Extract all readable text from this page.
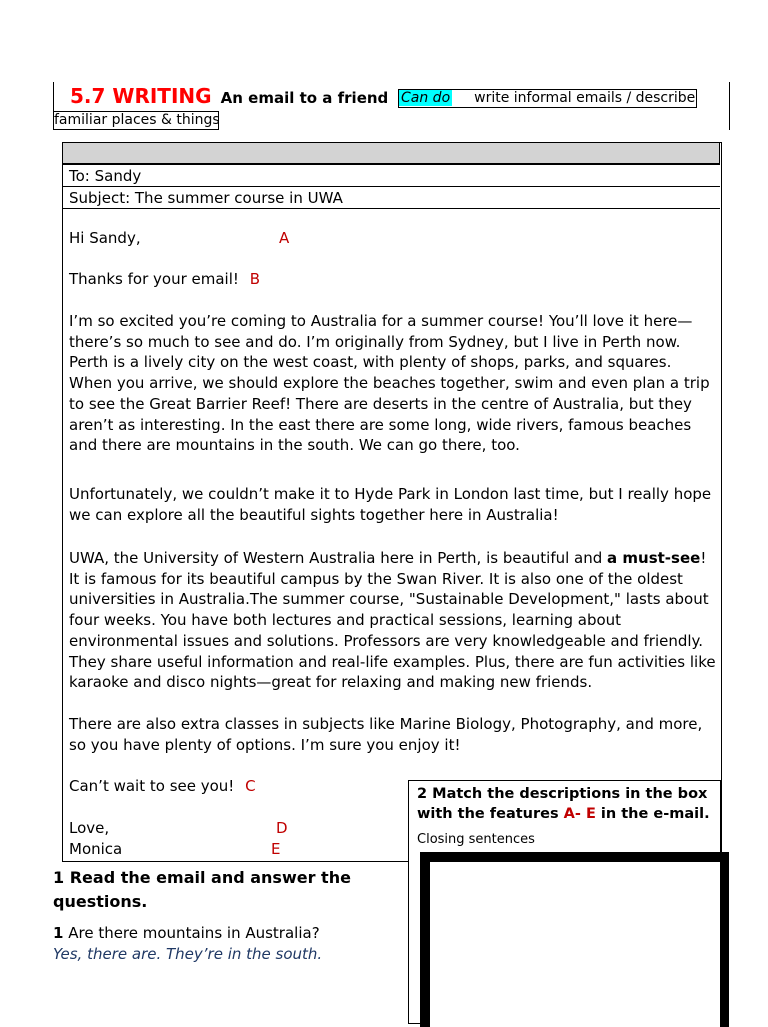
5.7 WRITING An email to a friend Can do write informal emails / describe
familiar places & things
To: Sandy
Subject: The summer course in UWA
Hi Sandy,	A
Thanks for your email! B
I’m so excited you’re coming to Australia for a summer course! You’ll love it here—there’s so much to see and do. I’m originally from Sydney, but I live in Perth now. Perth is a lively city on the west coast, with plenty of shops, parks, and squares. When you arrive, we should explore the beaches together, swim and even plan a trip to see the Great Barrier Reef! There are deserts in the centre of Australia, but they aren’t as interesting. In the east there are some long, wide rivers, famous beaches and there are mountains in the south. We can go there, too.
Unfortunately, we couldn’t make it to Hyde Park in London last time, but I really hope we can explore all the beautiful sights together here in Australia!
UWA, the University of Western Australia here in Perth, is beautiful and a must-see! It is famous for its beautiful campus by the Swan River. It is also one of the oldest universities in Australia.The summer course, "Sustainable Development," lasts about four weeks. You have both lectures and practical sessions, learning about environmental issues and solutions. Professors are very knowledgeable and friendly. They share useful information and real-life examples. Plus, there are fun activities like karaoke and disco nights—great for relaxing and making new friends.
There are also extra classes in subjects like Marine Biology, Photography, and more, so you have plenty of options. I’m sure you enjoy it!
Can’t wait to see you! C
Love,	D
Monica	E
2 Match the descriptions in the box with the features A- E in the e-mail.
Closing sentences
1 Read the email and answer the questions.
1 Are there mountains in Australia?
Yes, there are. They’re in the south.
